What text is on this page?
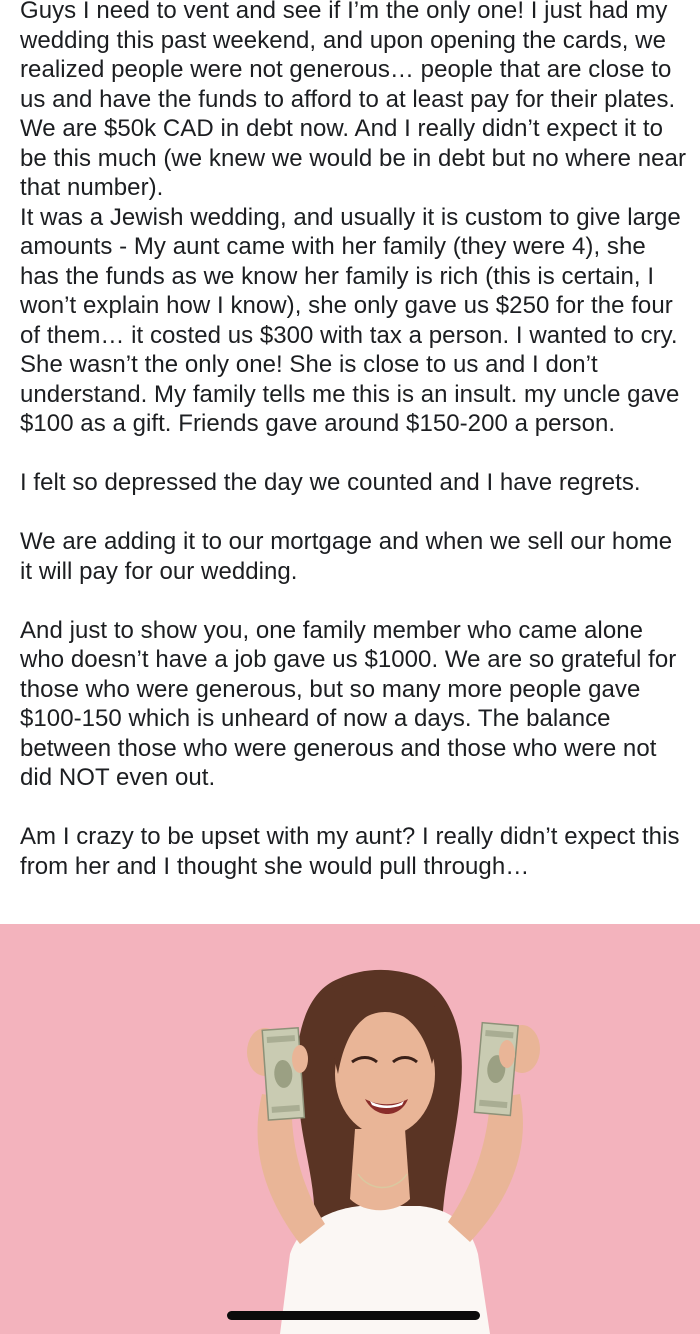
Guys I need to vent and see if I’m the only one! I just had my wedding this past weekend, and upon opening the cards, we realized people were not generous… people that are close to us and have the funds to afford to at least pay for their plates. We are $50k CAD in debt now. And I really didn’t expect it to be this much (we knew we would be in debt but no where near that number).

It was a Jewish wedding, and usually it is custom to give large amounts - My aunt came with her family (they were 4), she has the funds as we know her family is rich (this is certain, I won’t explain how I know), she only gave us $250 for the four of them… it costed us $300 with tax a person. I wanted to cry. She wasn’t the only one! She is close to us and I don’t understand. My family tells me this is an insult. my uncle gave $100 as a gift. Friends gave around $150-200 a person.

I felt so depressed the day we counted and I have regrets.

We are adding it to our mortgage and when we sell our home it will pay for our wedding.

And just to show you, one family member who came alone who doesn’t have a job gave us $1000. We are so grateful for those who were generous, but so many more people gave $100-150 which is unheard of now a days. The balance between those who were generous and those who were not did NOT even out.

Am I crazy to be upset with my aunt? I really didn’t expect this from her and I thought she would pull through…
